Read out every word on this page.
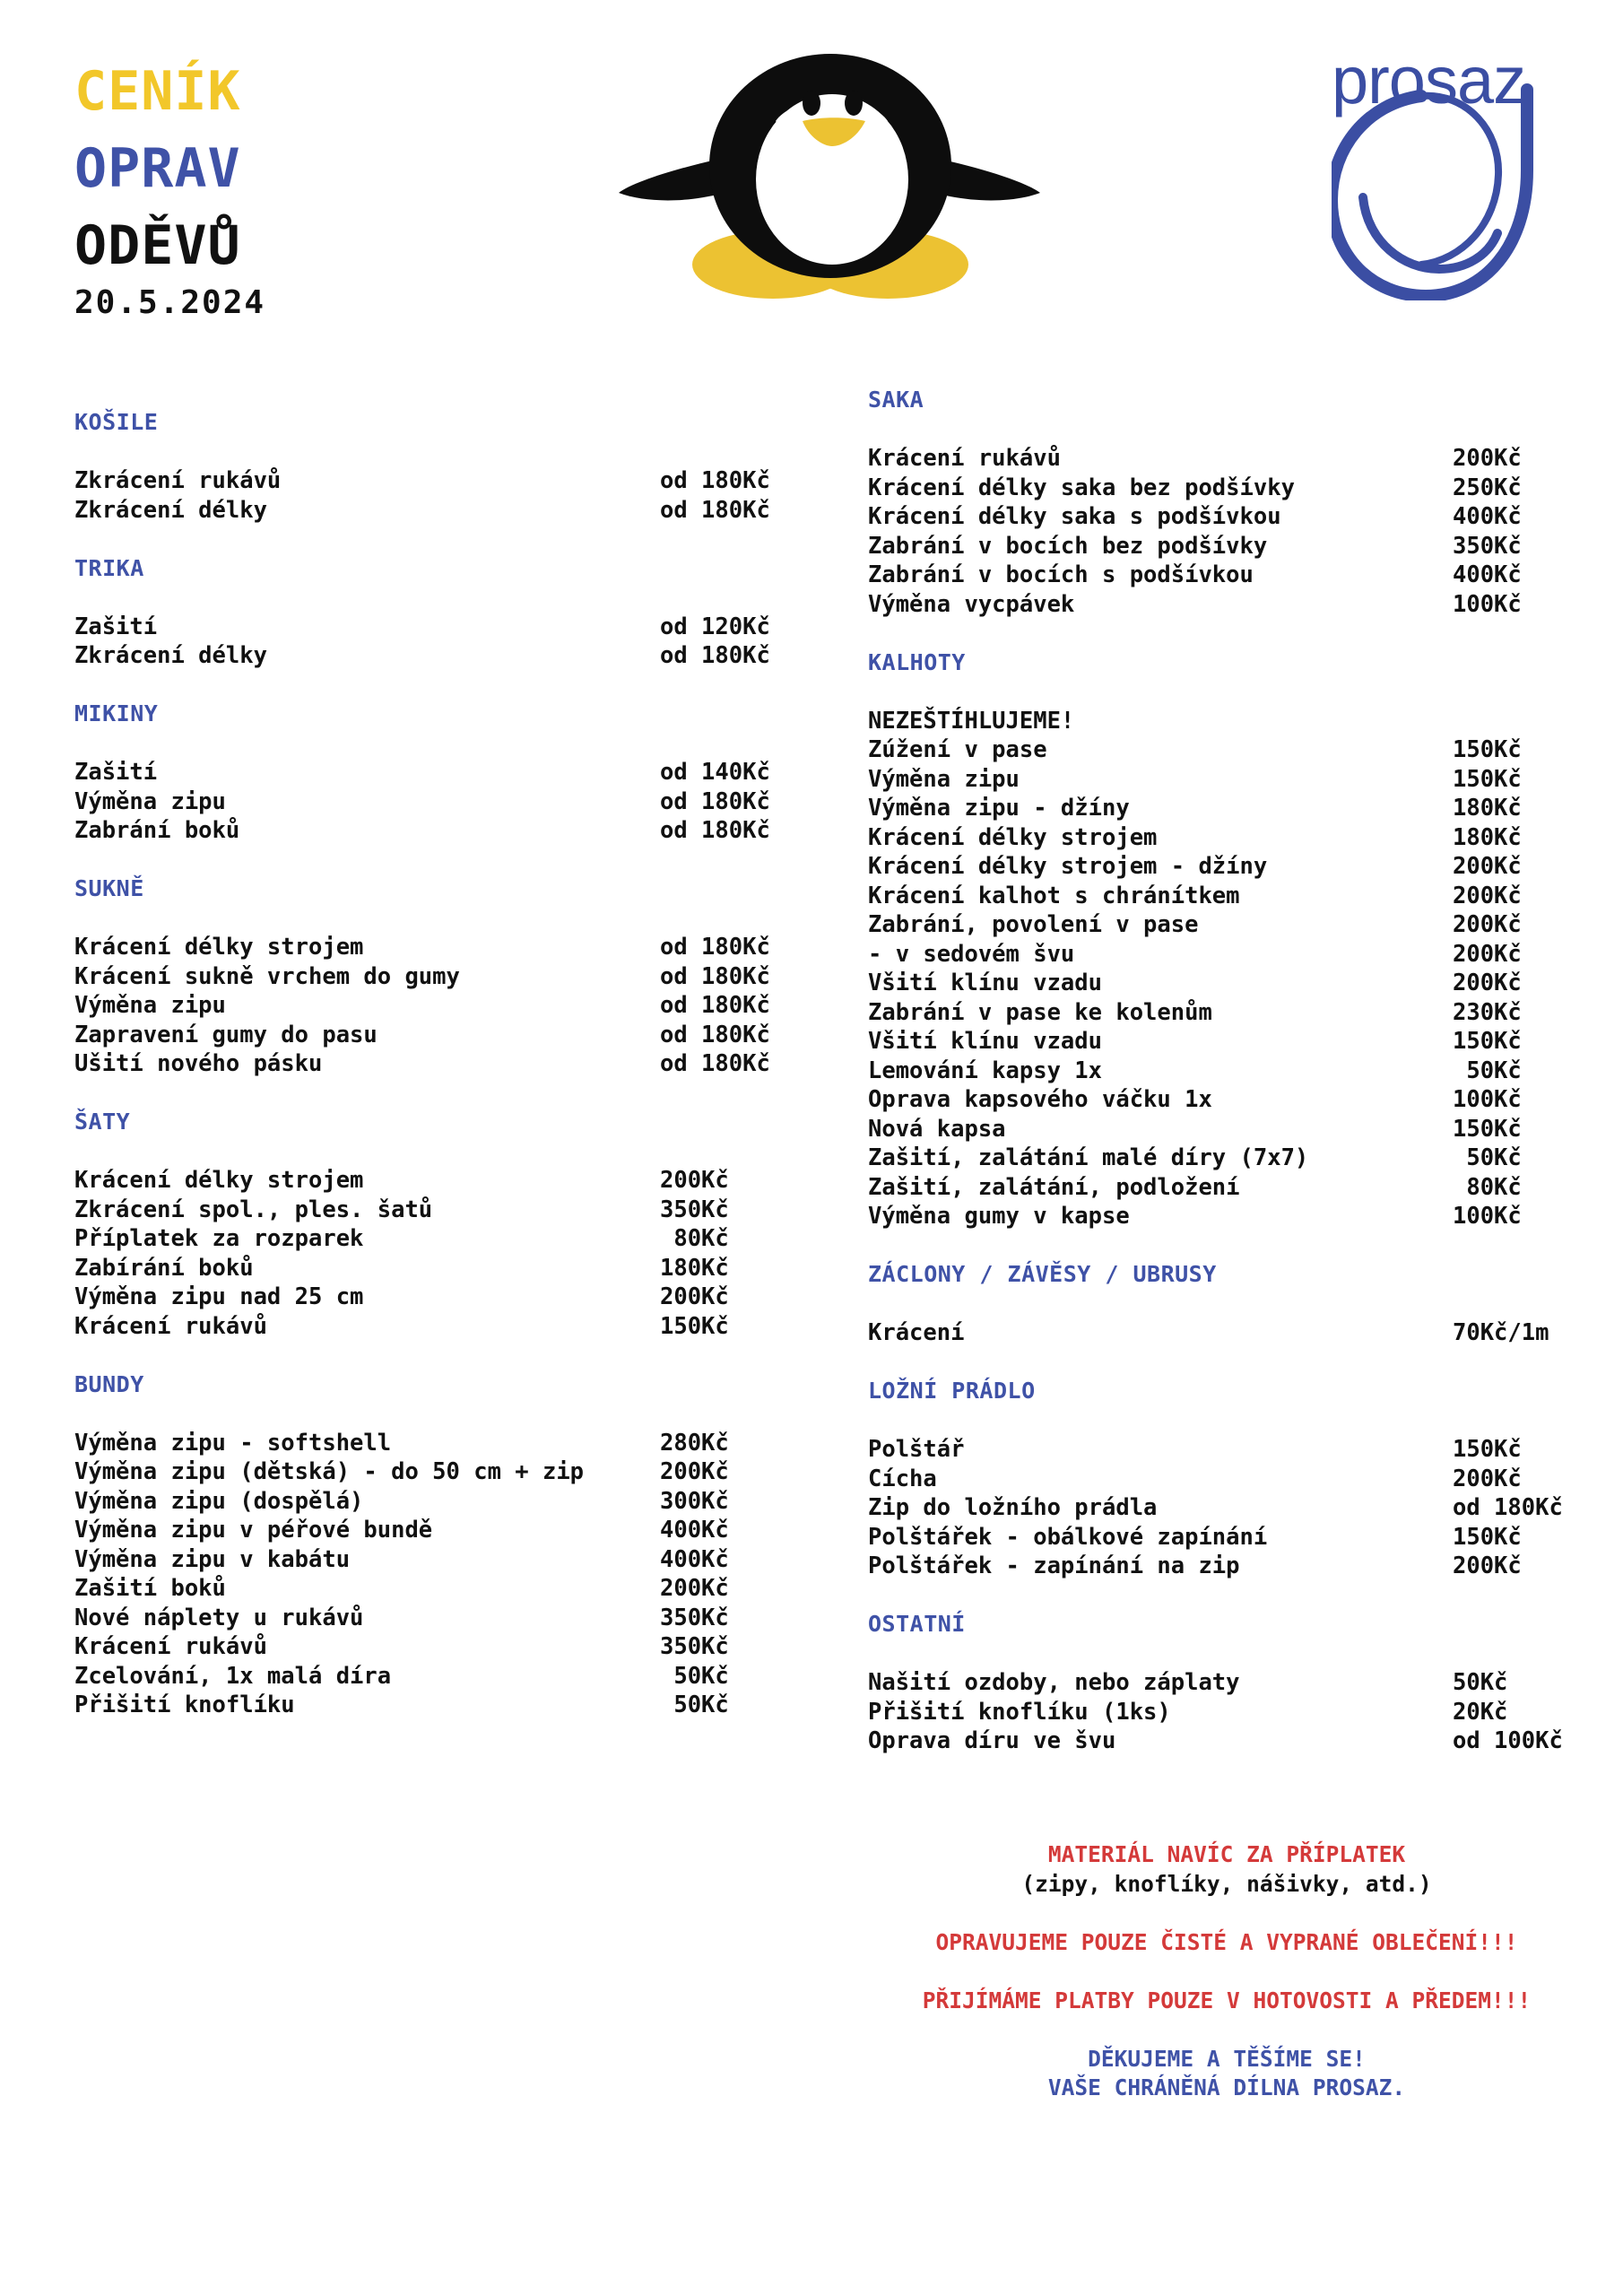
CENÍK
OPRAV
ODĚVŮ
20.5.2024
prosaz
KOŠILE
Zkrácení rukávů	od 180Kč
Zkrácení délky	od 180Kč
TRIKA
Zašití	od 120Kč
Zkrácení délky	od 180Kč
MIKINY
Zašití	od 140Kč
Výměna zipu	od 180Kč
Zabrání boků	od 180Kč
SUKNĚ
Krácení délky strojem	od 180Kč
Krácení sukně vrchem do gumy	od 180Kč
Výměna zipu	od 180Kč
Zapravení gumy do pasu	od 180Kč
Ušití nového pásku	od 180Kč
ŠATY
Krácení délky strojem	200Kč
Zkrácení spol., ples. šatů	350Kč
Příplatek za rozparek	80Kč
Zabírání boků	180Kč
Výměna zipu nad 25 cm	200Kč
Krácení rukávů	150Kč
BUNDY
Výměna zipu - softshell	280Kč
Výměna zipu (dětská) - do 50 cm + zip	200Kč
Výměna zipu (dospělá)	300Kč
Výměna zipu v péřové bundě	400Kč
Výměna zipu v kabátu	400Kč
Zašití boků	200Kč
Nové náplety u rukávů	350Kč
Krácení rukávů	350Kč
Zcelování, 1x malá díra	50Kč
Přišití knoflíku	50Kč
SAKA
Krácení rukávů	200Kč
Krácení délky saka bez podšívky	250Kč
Krácení délky saka s podšívkou	400Kč
Zabrání v bocích bez podšívky	350Kč
Zabrání v bocích s podšívkou	400Kč
Výměna vycpávek	100Kč
KALHOTY
NEZEŠTÍHLUJEME!
Zúžení v pase	150Kč
Výměna zipu	150Kč
Výměna zipu - džíny	180Kč
Krácení délky strojem	180Kč
Krácení délky strojem - džíny	200Kč
Krácení kalhot s chránítkem	200Kč
Zabrání, povolení v pase	200Kč
- v sedovém švu	200Kč
Všití klínu vzadu	200Kč
Zabrání v pase ke kolenům	230Kč
Všití klínu vzadu	150Kč
Lemování kapsy 1x	50Kč
Oprava kapsového váčku 1x	100Kč
Nová kapsa	150Kč
Zašití, zalátání malé díry (7x7)	50Kč
Zašití, zalátání, podložení	80Kč
Výměna gumy v kapse	100Kč
ZÁCLONY / ZÁVĚSY / UBRUSY
Krácení	70Kč/1m
LOŽNÍ PRÁDLO
Polštář	150Kč
Cícha	200Kč
Zip do ložního prádla	od 180Kč
Polštářek - obálkové zapínání	150Kč
Polštářek - zapínání na zip	200Kč
OSTATNÍ
Našití ozdoby, nebo záplaty	50Kč
Přišití knoflíku (1ks)	20Kč
Oprava díru ve švu	od 100Kč
MATERIÁL NAVÍC ZA PŘÍPLATEK
(zipy, knoflíky, nášivky, atd.)
OPRAVUJEME POUZE ČISTÉ A VYPRANÉ OBLEČENÍ!!!
PŘIJÍMÁME PLATBY POUZE V HOTOVOSTI A PŘEDEM!!!
DĚKUJEME A TĚŠÍME SE!
VAŠE CHRÁNĚNÁ DÍLNA PROSAZ.
